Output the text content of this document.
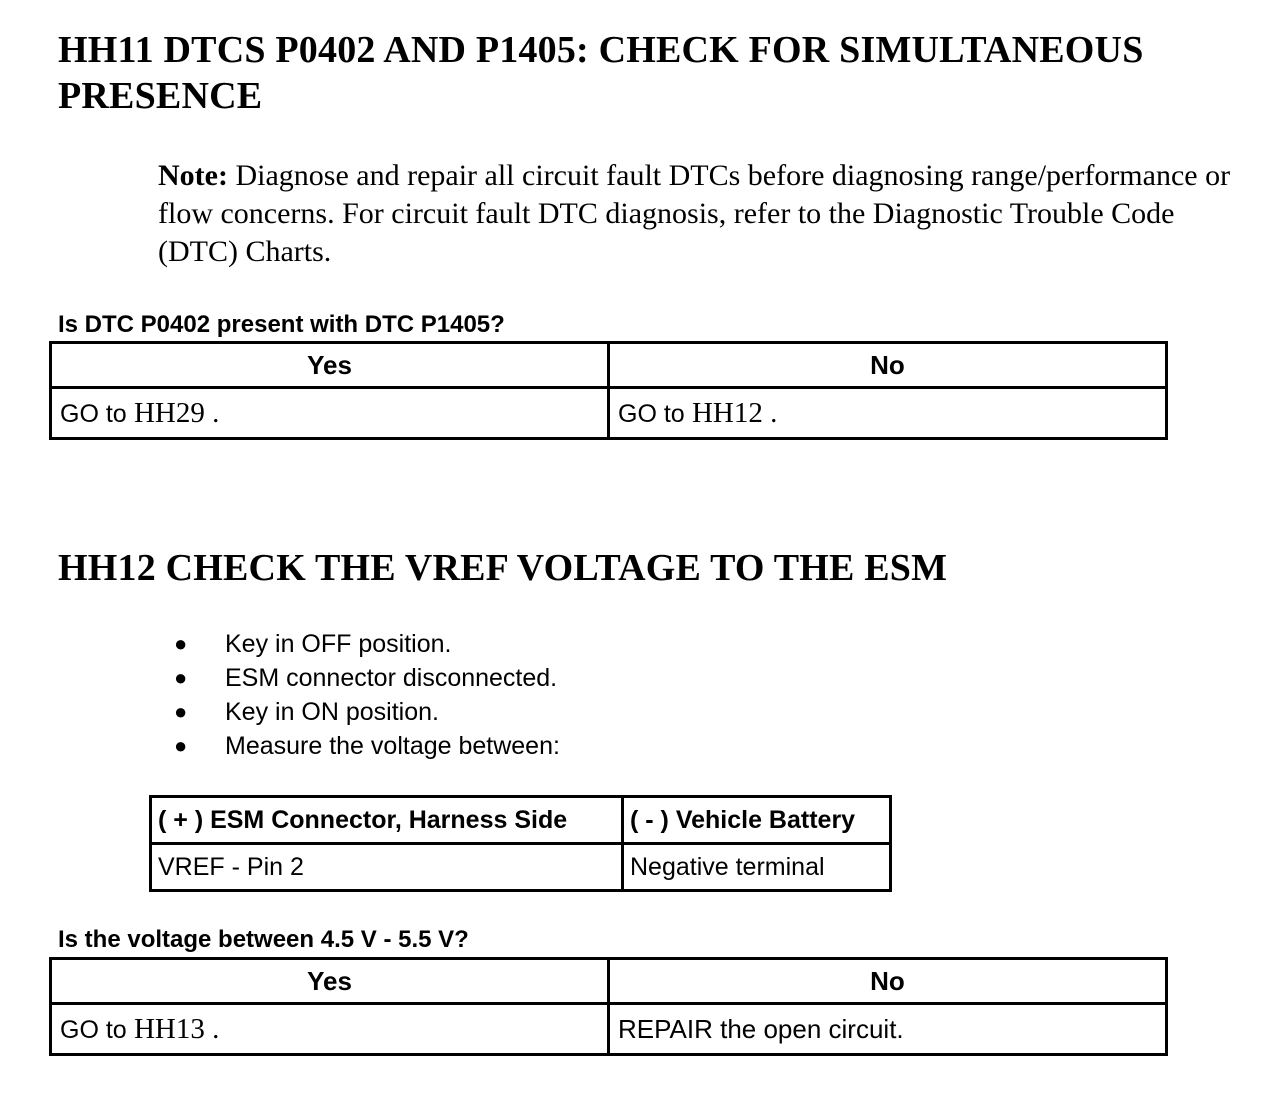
HH11 DTCS P0402 AND P1405: CHECK FOR SIMULTANEOUS PRESENCE

Note: Diagnose and repair all circuit fault DTCs before diagnosing range/performance or flow concerns. For circuit fault DTC diagnosis, refer to the Diagnostic Trouble Code (DTC) Charts.

Is DTC P0402 present with DTC P1405?

Yes	No
GO to HH29 .	GO to HH12 .
HH12 CHECK THE VREF VOLTAGE TO THE ESM
● Key in OFF position.
● ESM connector disconnected.
● Key in ON position.
● Measure the voltage between:
( + ) ESM Connector, Harness Side	( - ) Vehicle Battery
VREF - Pin 2	Negative terminal

Is the voltage between 4.5 V - 5.5 V?

Yes	No
GO to HH13 .	REPAIR the open circuit.
